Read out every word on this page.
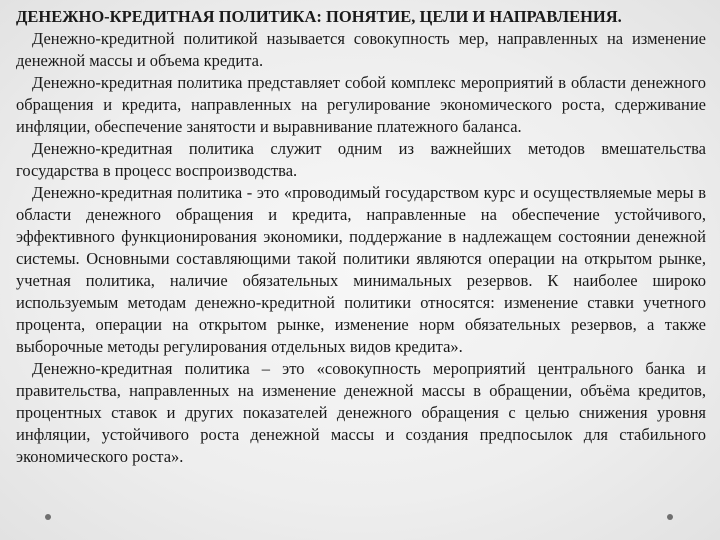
ДЕНЕЖНО-КРЕДИТНАЯ ПОЛИТИКА: ПОНЯТИЕ, ЦЕЛИ И НАПРАВЛЕНИЯ.

Денежно-кредитной политикой называется совокупность мер, направленных на изменение денежной массы и объема кредита.

Денежно-кредитная политика представляет собой комплекс мероприятий в области денежного обращения и кредита, направленных на регулирование экономического роста, сдерживание инфляции, обеспечение занятости и выравнивание платежного баланса.

Денежно-кредитная политика служит одним из важнейших методов вмешательства государства в процесс воспроизводства.

Денежно-кредитная политика - это «проводимый государством курс и осуществляемые меры в области денежного обращения и кредита, направленные на обеспечение устойчивого, эффективного функционирования экономики, поддержание в надлежащем состоянии денежной системы. Основными составляющими такой политики являются операции на открытом рынке, учетная политика, наличие обязательных минимальных резервов. К наиболее широко используемым методам денежно-кредитной политики относятся: изменение ставки учетного процента, операции на открытом рынке, изменение норм обязательных резервов, а также выборочные методы регулирования отдельных видов кредита».

Денежно-кредитная политика – это «совокупность мероприятий центрального банка и правительства, направленных на изменение денежной массы в обращении, объёма кредитов, процентных ставок и других показателей денежного обращения с целью снижения уровня инфляции, устойчивого роста денежной массы и создания предпосылок для стабильного экономического роста».
